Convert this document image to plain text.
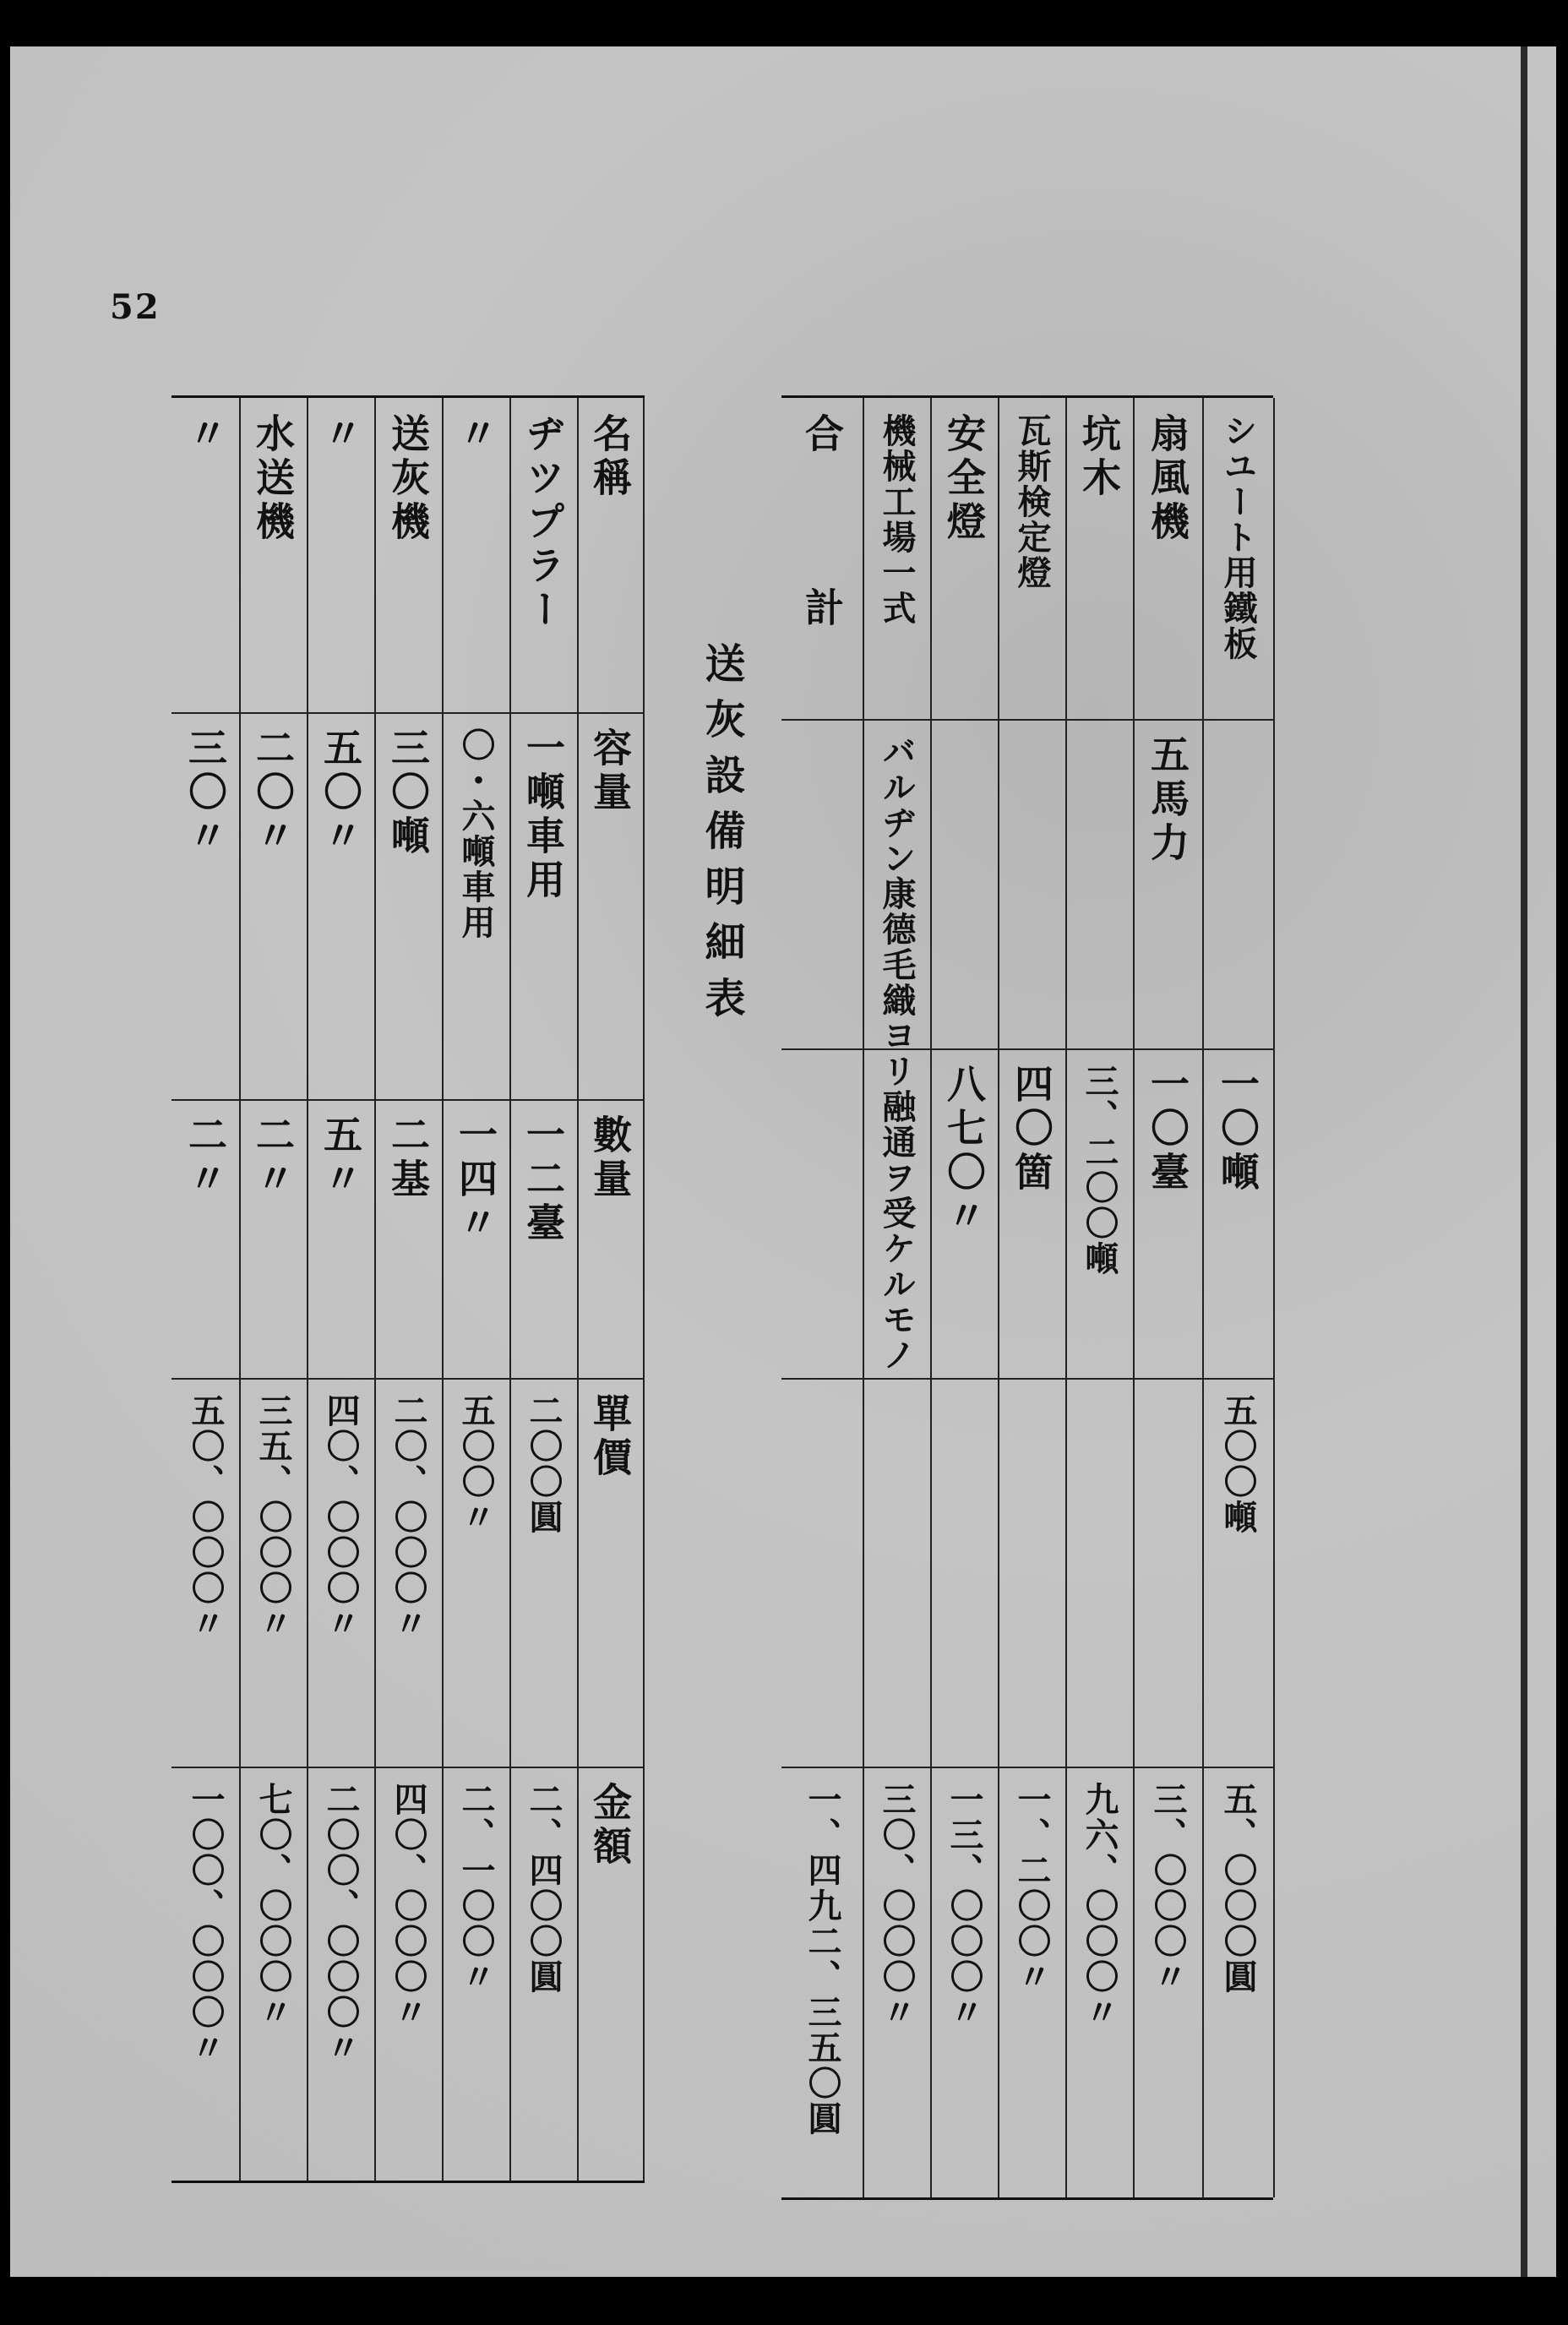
52
送灰設備明細表
名稱
容量
數量
單價
金額
ヂツプラー
一噸車用
一二臺
二〇〇圓
二、四〇〇圓
〃
〇・六噸車用
一四〃
五〇〇〃
二、一〇〇〃
送灰機
三〇噸
二基
二〇、〇〇〇〃
四〇、〇〇〇〃
〃
五〇〃
五〃
四〇、〇〇〇〃
二〇〇、〇〇〇〃
水送機
二〇〃
二〃
三五、〇〇〇〃
七〇、〇〇〇〃
〃
三〇〃
二〃
五〇、〇〇〇〃
一〇〇、〇〇〇〃
シユート用鐵板
一〇噸
五〇〇噸
五、〇〇〇圓
扇風機
五馬力
一〇臺
三、〇〇〇〃
坑木
三、二〇〇噸
九六、〇〇〇〃
瓦斯検定燈
四〇箇
一、二〇〇〃
安全燈
八七〇〃
一三、〇〇〇〃
機械工場一式
バルヂン康德毛織ヨリ融通ヲ受ケルモノ
三〇、〇〇〇〃
合計
一、四九二、三五〇圓
